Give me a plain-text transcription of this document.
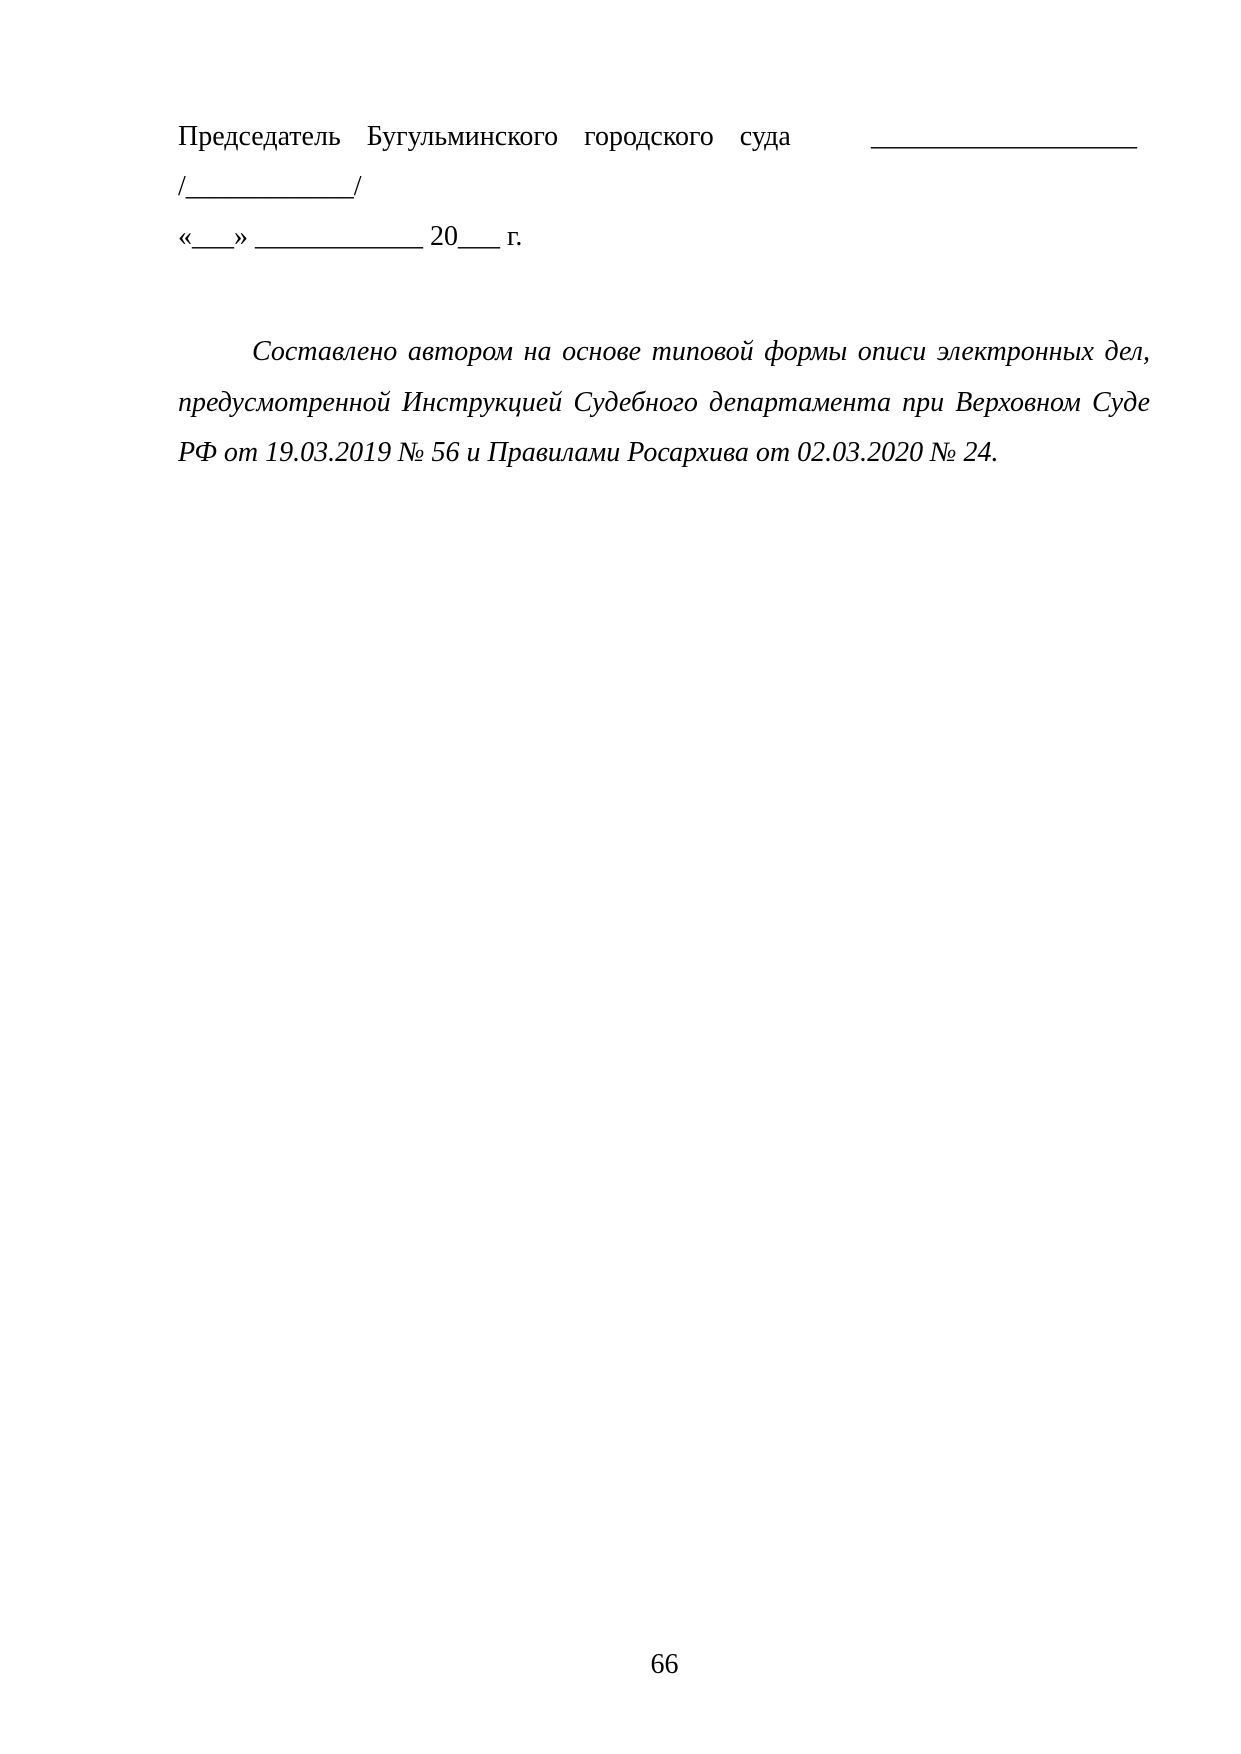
Председатель  Бугульминского  городского  суда	___________________
/____________/
«___» ____________ 20___ г.

Составлено автором на основе типовой формы описи электронных дел, предусмотренной Инструкцией Судебного департамента при Верховном Суде РФ от 19.03.2019 № 56 и Правилами Росархива от 02.03.2020 № 24.

66
